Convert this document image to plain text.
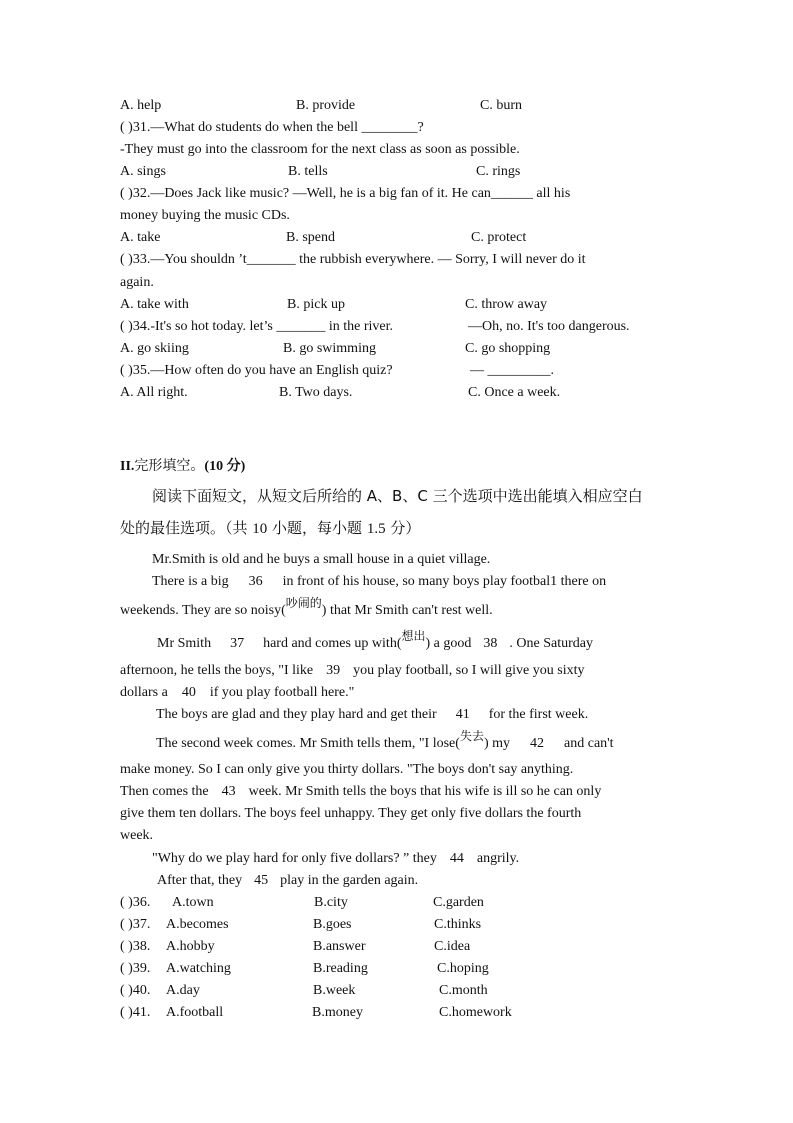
A. help	B. provide	C. burn
( )31.—What do students do when the bell ________?
-They must go into the classroom for the next class as soon as possible.
A. sings	B. tells	C. rings
( )32.—Does Jack like music? —Well, he is a big fan of it. He can______ all his
money buying the music CDs.
A. take	B. spend	C. protect
( )33.—You shouldn ’t_______ the rubbish everywhere. — Sorry, I will never do it
again.
A. take with	B. pick up	C. throw away
( )34.-It's so hot today. let’s _______ in the river.	—Oh, no. It's too dangerous.
A. go skiing	B. go swimming	C. go shopping
( )35.—How often do you have an English quiz?	— _________.
A. All right.	B. Two days.	C. Once a week.
II.完形填空。(10 分)
阅读下面短文，从短文后所给的 A、B、C 三个选项中选出能填入相应空白
处的最佳选项。（共 10 小题，每小题 1.5 分）
Mr.Smith is old and he buys a small house in a quiet village.
There is a big 36 in front of his house, so many boys play footbal1 there on
weekends. They are so noisy(吵闹的) that Mr Smith can't rest well.
Mr Smith 37 hard and comes up with(想出) a good 38 . One Saturday
afternoon, he tells the boys, "I like 39 you play football, so I will give you sixty
dollars a 40 if you play football here."
The boys are glad and they play hard and get their 41 for the first week.
The second week comes. Mr Smith tells them, "I lose(失去) my 42 and can't
make money. So I can only give you thirty dollars. "The boys don't say anything.
Then comes the 43 week. Mr Smith tells the boys that his wife is ill so he can only
give them ten dollars. The boys feel unhappy. They get only five dollars the fourth
week.
"Why do we play hard for only five dollars? ” they 44 angrily.
After that, they 45 play in the garden again.
( )36. A.town	B.city	C.garden
( )37. A.becomes	B.goes	C.thinks
( )38. A.hobby	B.answer	C.idea
( )39. A.watching	B.reading	C.hoping
( )40. A.day	B.week	C.month
( )41. A.football	B.money	C.homework
